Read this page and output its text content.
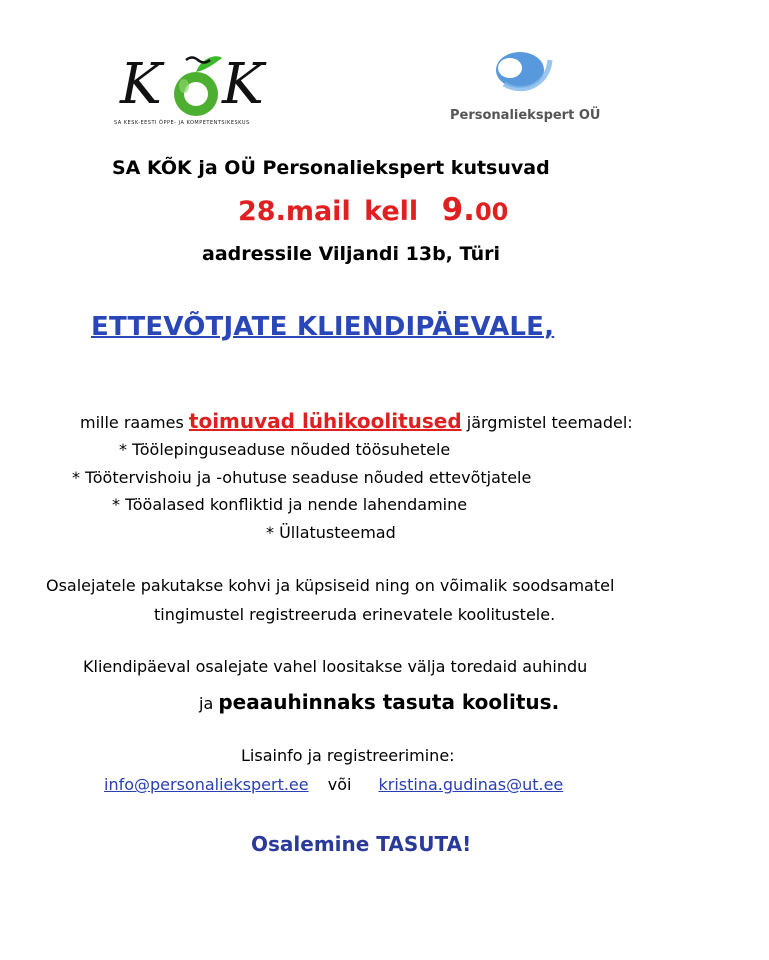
K K
SA KESK-EESTI ÕPPE- JA KOMPETENTSIKESKUS	Personaliekspert OÜ
SA KÕK ja OÜ Personaliekspert kutsuvad
28.mail kell 9.00
aadressile Viljandi 13b, Türi
ETTEVÕTJATE KLIENDIPÄEVALE,
mille raames toimuvad lühikoolitused järgmistel teemadel:
* Töölepinguseaduse nõuded töösuhetele
* Töötervishoiu ja -ohutuse seaduse nõuded ettevõtjatele
* Tööalased konfliktid ja nende lahendamine
* Üllatusteemad
Osalejatele pakutakse kohvi ja küpsiseid ning on võimalik soodsamatel
tingimustel registreeruda erinevatele koolitustele.
Kliendipäeval osalejate vahel loositakse välja toredaid auhindu
ja peaauhinnaks tasuta koolitus.
Lisainfo ja registreerimine:
info@personaliekspert.ee või kristina.gudinas@ut.ee
Osalemine TASUTA!
